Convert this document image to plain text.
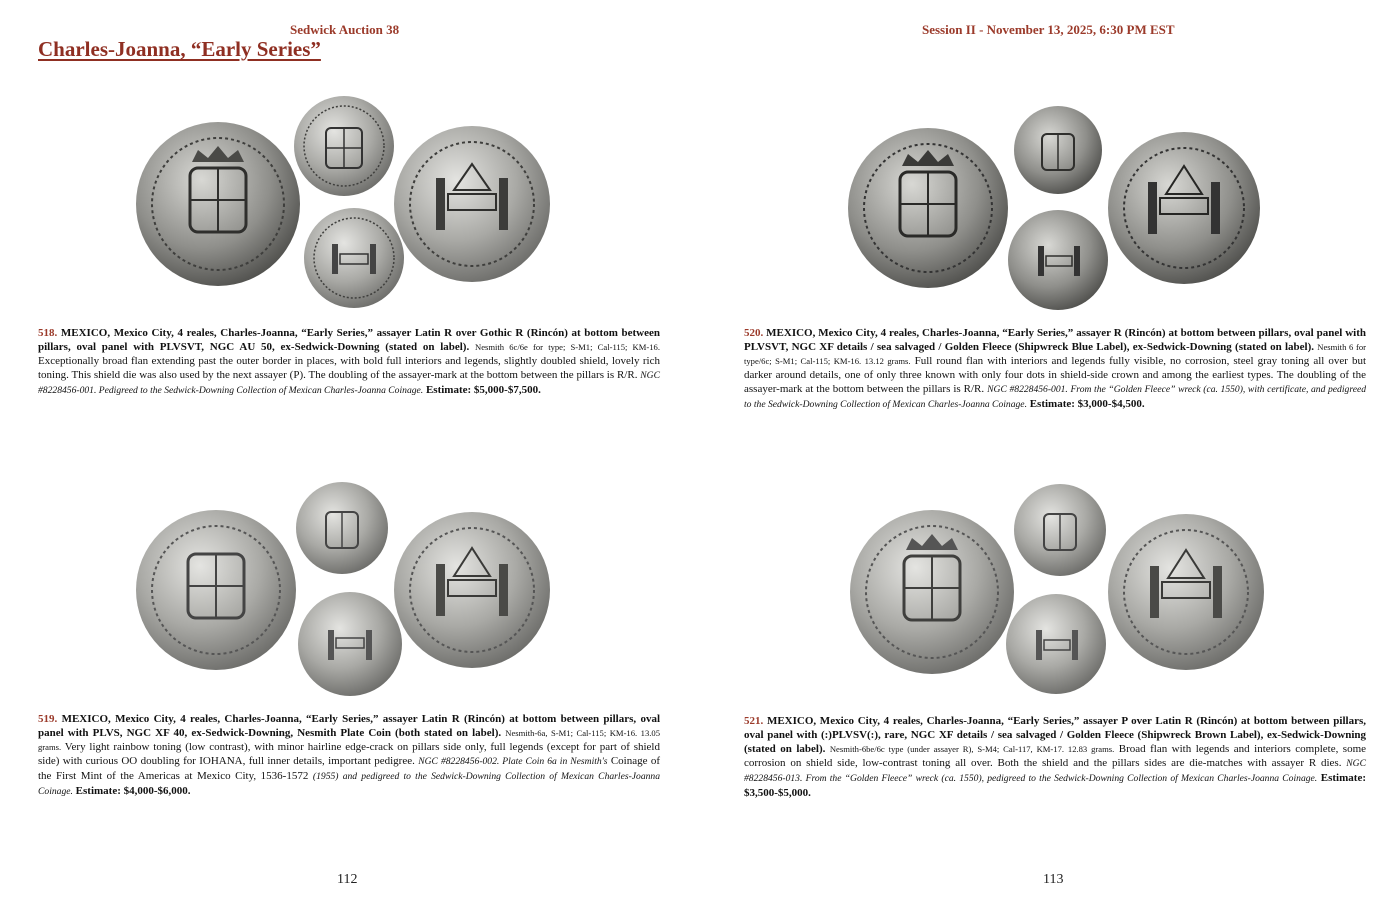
Sedwick Auction 38
Charles-Joanna, “Early Series”
518. MEXICO, Mexico City, 4 reales, Charles-Joanna, “Early Series,” assayer Latin R over Gothic R (Rincón) at bottom between pillars, oval panel with PLVSVT, NGC AU 50, ex-Sedwick-Downing (stated on label). Nesmith 6c/6e for type; S-M1; Cal-115; KM-16. Exceptionally broad flan extending past the outer border in places, with bold full interiors and legends, slightly doubled shield, lovely rich toning. This shield die was also used by the next assayer (P). The doubling of the assayer-mark at the bottom between the pillars is R/R. NGC #8228456-001. Pedigreed to the Sedwick-Downing Collection of Mexican Charles-Joanna Coinage. Estimate: $5,000-$7,500.
519. MEXICO, Mexico City, 4 reales, Charles-Joanna, “Early Series,” assayer Latin R (Rincón) at bottom between pillars, oval panel with PLVS, NGC XF 40, ex-Sedwick-Downing, Nesmith Plate Coin (both stated on label). Nesmith-6a, S-M1; Cal-115; KM-16. 13.05 grams. Very light rainbow toning (low contrast), with minor hairline edge-crack on pillars side only, full legends (except for part of shield side) with curious OO doubling for IOHANA, full inner details, important pedigree. NGC #8228456-002. Plate Coin 6a in Nesmith's Coinage of the First Mint of the Americas at Mexico City, 1536-1572 (1955) and pedigreed to the Sedwick-Downing Collection of Mexican Charles-Joanna Coinage. Estimate: $4,000-$6,000.
112
Session II - November 13, 2025, 6:30 PM EST
520. MEXICO, Mexico City, 4 reales, Charles-Joanna, “Early Series,” assayer R (Rincón) at bottom between pillars, oval panel with PLVSVT, NGC XF details / sea salvaged / Golden Fleece (Shipwreck Blue Label), ex-Sedwick-Downing (stated on label). Nesmith 6 for type/6c; S-M1; Cal-115; KM-16. 13.12 grams. Full round flan with interiors and legends fully visible, no corrosion, steel gray toning all over but darker around details, one of only three known with only four dots in shield-side crown and among the earliest types. The doubling of the assayer-mark at the bottom between the pillars is R/R. NGC #8228456-001. From the “Golden Fleece” wreck (ca. 1550), with certificate, and pedigreed to the Sedwick-Downing Collection of Mexican Charles-Joanna Coinage. Estimate: $3,000-$4,500.
521. MEXICO, Mexico City, 4 reales, Charles-Joanna, “Early Series,” assayer P over Latin R (Rincón) at bottom between pillars, oval panel with (:)PLVSV(:), rare, NGC XF details / sea salvaged / Golden Fleece (Shipwreck Brown Label), ex-Sedwick-Downing (stated on label). Nesmith-6be/6c type (under assayer R), S-M4; Cal-117, KM-17. 12.83 grams. Broad flan with legends and interiors complete, some corrosion on shield side, low-contrast toning all over. Both the shield and the pillars sides are die-matches with assayer R dies. NGC #8228456-013. From the “Golden Fleece” wreck (ca. 1550), pedigreed to the Sedwick-Downing Collection of Mexican Charles-Joanna Coinage. Estimate: $3,500-$5,000.
113
